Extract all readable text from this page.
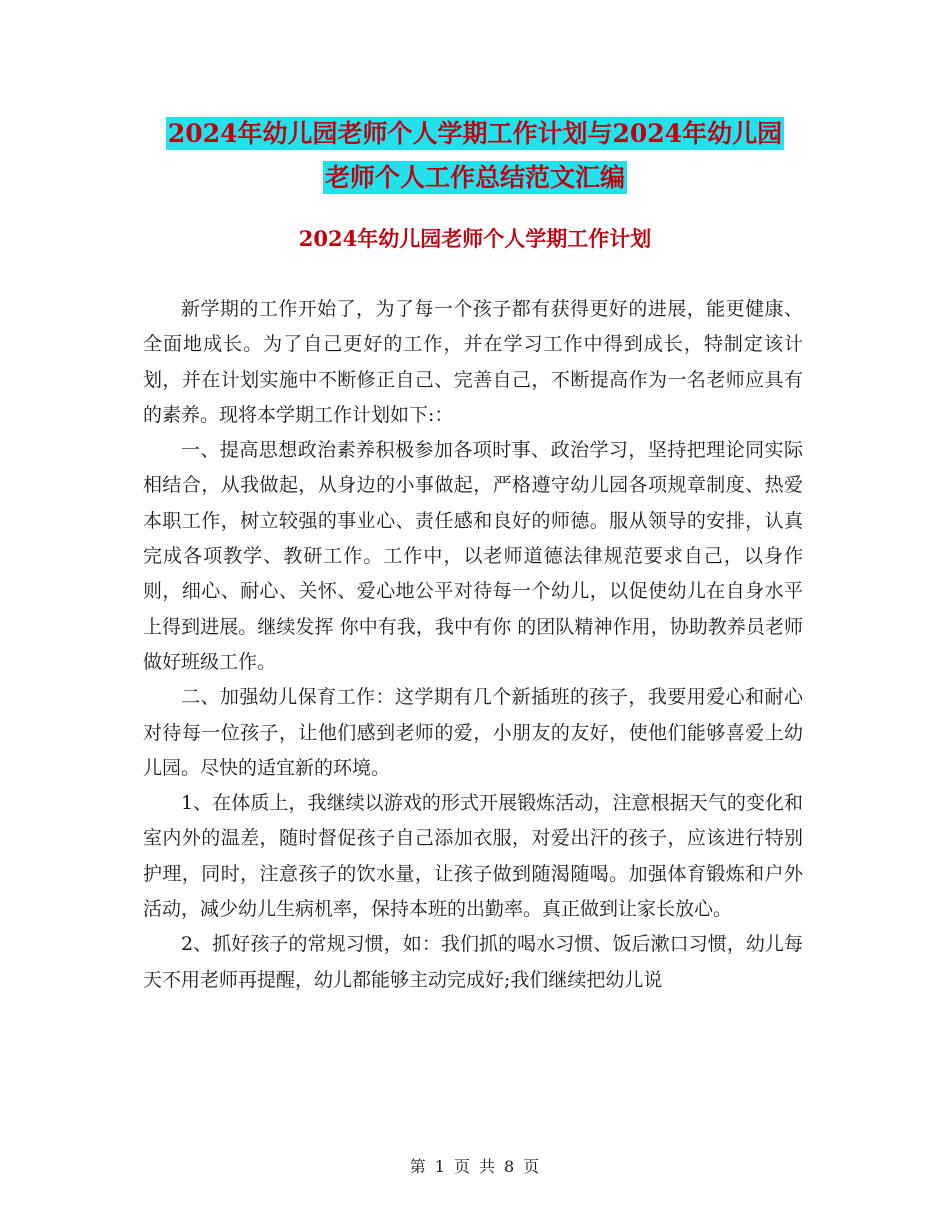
2024年幼儿园老师个人学期工作计划与2024年幼儿园
老师个人工作总结范文汇编
2024年幼儿园老师个人学期工作计划

新学期的工作开始了，为了每一个孩子都有获得更好的进展，能更健康、全面地成长。为了自己更好的工作，并在学习工作中得到成长，特制定该计划，并在计划实施中不断修正自己、完善自己，不断提高作为一名老师应具有的素养。现将本学期工作计划如下:：

一、提高思想政治素养积极参加各项时事、政治学习，坚持把理论同实际相结合，从我做起，从身边的小事做起，严格遵守幼儿园各项规章制度、热爱本职工作，树立较强的事业心、责任感和良好的师德。服从领导的安排，认真完成各项教学、教研工作。工作中，以老师道德法律规范要求自己，以身作则，细心、耐心、关怀、爱心地公平对待每一个幼儿，以促使幼儿在自身水平上得到进展。继续发挥 你中有我，我中有你 的团队精神作用，协助教养员老师做好班级工作。

二、加强幼儿保育工作：这学期有几个新插班的孩子，我要用爱心和耐心对待每一位孩子，让他们感到老师的爱，小朋友的友好，使他们能够喜爱上幼儿园。尽快的适宜新的环境。

1、在体质上，我继续以游戏的形式开展锻炼活动，注意根据天气的变化和室内外的温差，随时督促孩子自己添加衣服，对爱出汗的孩子，应该进行特别护理，同时，注意孩子的饮水量，让孩子做到随渴随喝。加强体育锻炼和户外活动，减少幼儿生病机率，保持本班的出勤率。真正做到让家长放心。

2、抓好孩子的常规习惯，如：我们抓的喝水习惯、饭后漱口习惯，幼儿每天不用老师再提醒，幼儿都能够主动完成好;我们继续把幼儿说

第 1 页 共 8 页
